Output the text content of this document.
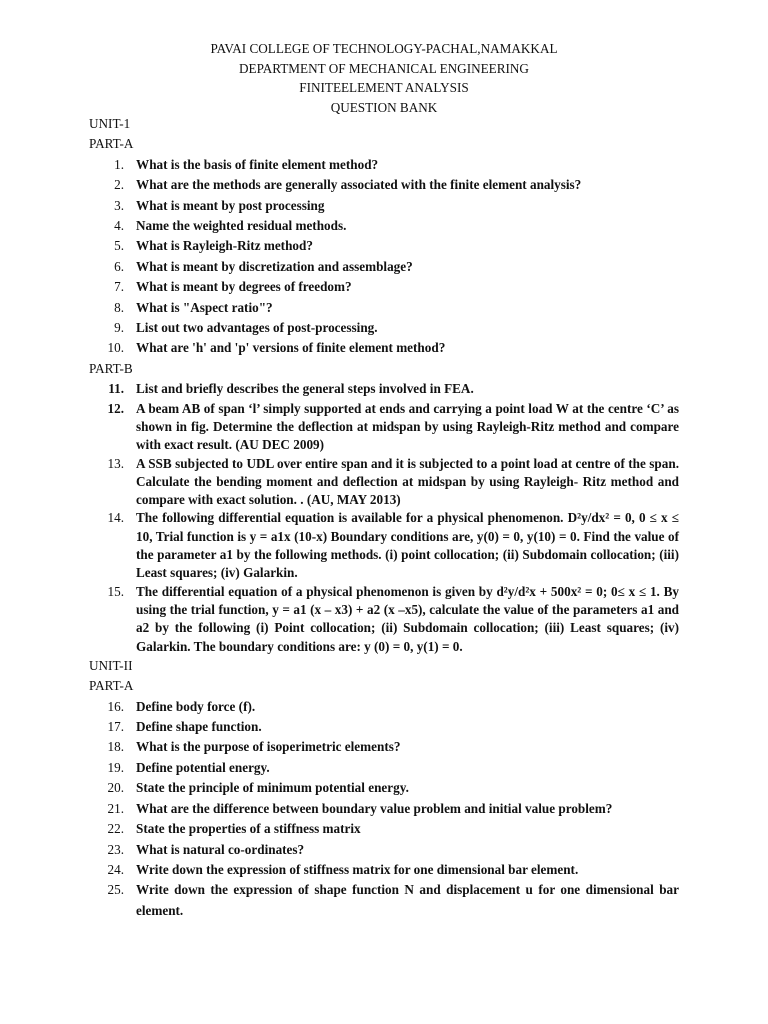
PAVAI COLLEGE OF TECHNOLOGY-PACHAL,NAMAKKAL
DEPARTMENT OF MECHANICAL ENGINEERING
FINITEELEMENT ANALYSIS
QUESTION BANK
UNIT-1
PART-A
1. What is the basis of finite element method?
2. What are the methods are generally associated with the finite element analysis?
3. What is meant by post processing
4. Name the weighted residual methods.
5. What is Rayleigh-Ritz method?
6. What is meant by discretization and assemblage?
7. What is meant by degrees of freedom?
8. What is "Aspect ratio"?
9. List out two advantages of post-processing.
10. What are 'h' and 'p' versions of finite element method?
PART-B
11. List and briefly describes the general steps involved in FEA.
12. A beam AB of span ‘l’ simply supported at ends and carrying a point load W at the centre ‘C’ as shown in fig. Determine the deflection at midspan by using Rayleigh-Ritz method and compare with exact result. (AU DEC 2009)
13. A SSB subjected to UDL over entire span and it is subjected to a point load at centre of the span. Calculate the bending moment and deflection at midspan by using Rayleigh- Ritz method and compare with exact solution. . (AU, MAY 2013)
14. The following differential equation is available for a physical phenomenon. D²y/dx² = 0, 0 ≤ x ≤ 10, Trial function is y = a1x (10-x) Boundary conditions are, y(0) = 0, y(10) = 0. Find the value of the parameter a1 by the following methods. (i) point collocation; (ii) Subdomain collocation; (iii) Least squares; (iv) Galarkin.
15. The differential equation of a physical phenomenon is given by d²y/d²x + 500x² = 0; 0≤ x ≤ 1. By using the trial function, y = a1 (x – x3) + a2 (x –x5), calculate the value of the parameters a1 and a2 by the following (i) Point collocation; (ii) Subdomain collocation; (iii) Least squares; (iv) Galarkin. The boundary conditions are: y (0) = 0, y(1) = 0.
UNIT-II
PART-A
16. Define body force (f).
17. Define shape function.
18. What is the purpose of isoperimetric elements?
19. Define potential energy.
20. State the principle of minimum potential energy.
21. What are the difference between boundary value problem and initial value problem?
22. State the properties of a stiffness matrix
23. What is natural co-ordinates?
24. Write down the expression of stiffness matrix for one dimensional bar element.
25. Write down the expression of shape function N and displacement u for one dimensional bar element.
